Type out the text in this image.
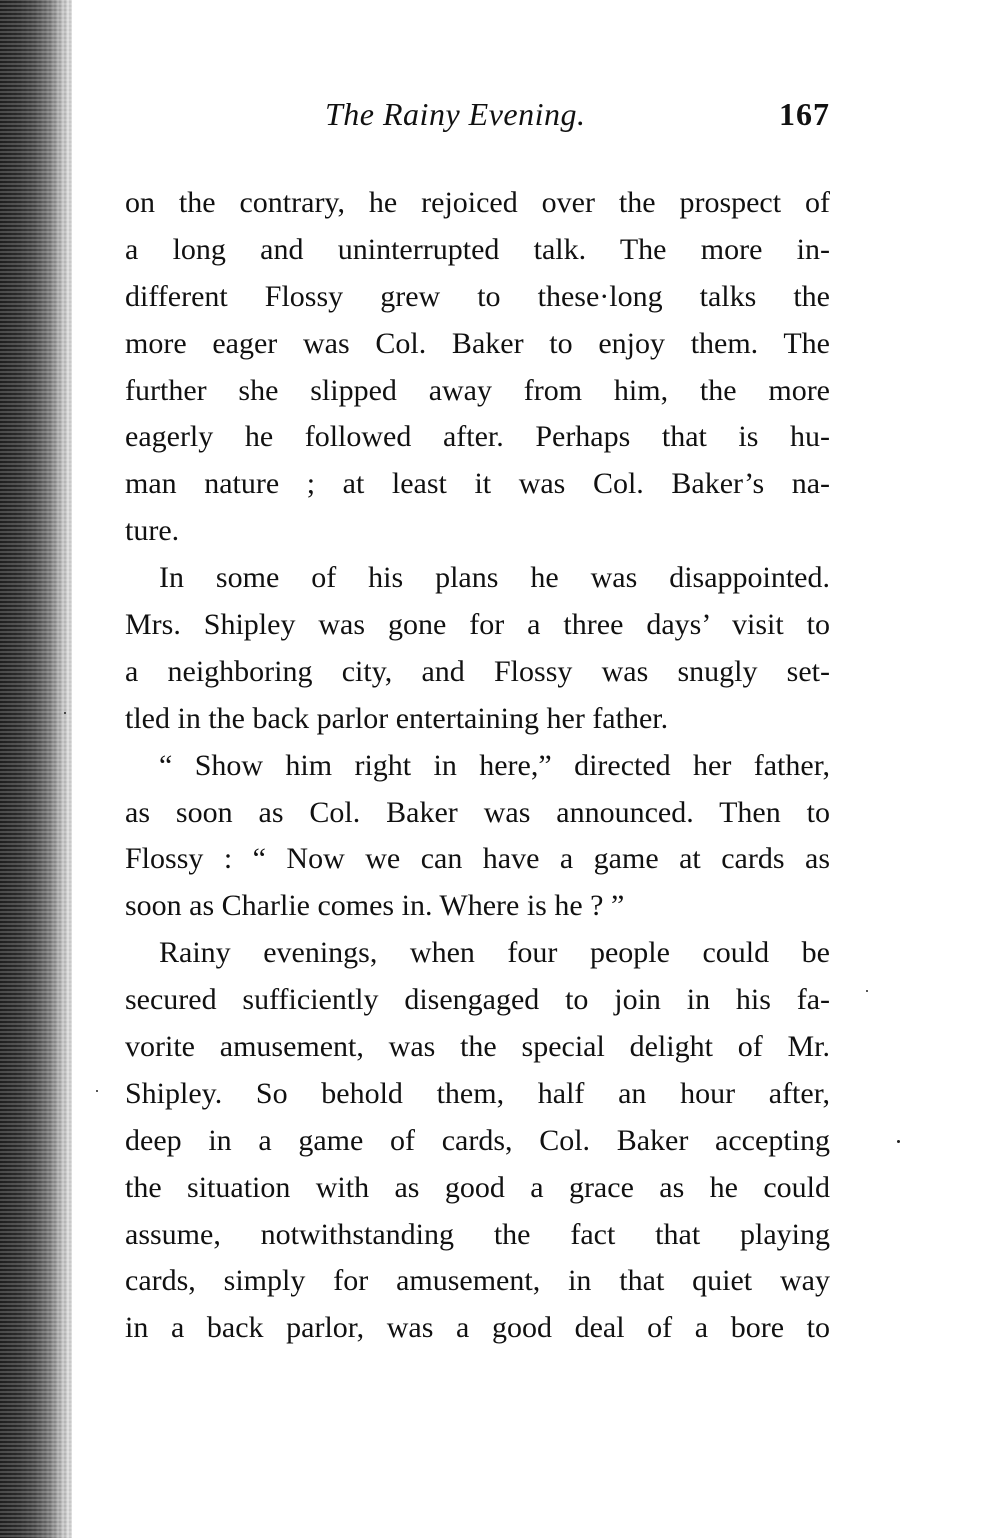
The Rainy Evening.	167
on the contrary, he rejoiced over the prospect of
a long and uninterrupted talk. The more in-
different Flossy grew to these·long talks the
more eager was Col. Baker to enjoy them. The
further she slipped away from him, the more
eagerly he followed after. Perhaps that is hu-
man nature ; at least it was Col. Baker’s na-
ture.
In some of his plans he was disappointed.
Mrs. Shipley was gone for a three days’ visit to
a neighboring city, and Flossy was snugly set-
tled in the back parlor entertaining her father.
“ Show him right in here,” directed her father,
as soon as Col. Baker was announced. Then to
Flossy : “ Now we can have a game at cards as
soon as Charlie comes in. Where is he ? ”
Rainy evenings, when four people could be
secured sufficiently disengaged to join in his fa-
vorite amusement, was the special delight of Mr.
Shipley. So behold them, half an hour after,
deep in a game of cards, Col. Baker accepting
the situation with as good a grace as he could
assume, notwithstanding the fact that playing
cards, simply for amusement, in that quiet way
in a back parlor, was a good deal of a bore to
